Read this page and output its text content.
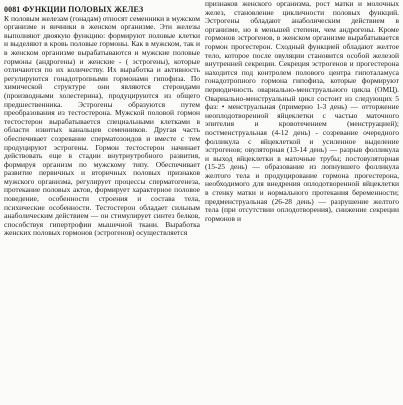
0081 ФУНКЦИИ ПОЛОВЫХ ЖЕЛЕЗ

К половым железам (гонадам) относят семенники в мужском организме и яичники в женском организме. Эти железы выполняют двоякую функцию: формируют половые клетки и выделяют в кровь половые гормоны. Как в мужском, так и в женском организме вырабатываются и мужские половые гормоны (андрогены) и женские - ( эстрогены), которые отличаются по их количеству. Их выработка и активность регулируются гонадотропными гормонами гипофиза. По химической структуре они являются стероидами (производными холестерина), продуцируются из общего предшественника. Эстрогены образуются путем преобразования из тестостерона. Мужской половой гормон тестостерон вырабатывается специальными клетками в области извитых канальцев семенников. Другая часть обеспечивает созревание сперматозоидов и вместе с тем продуцируют эстрогены. Гормон тестостерон начинает действовать еще в стадии внутриутробного развития, формируя организм по мужскому типу. Обеспечивает развитие первичных и вторичных половых признаков мужского организма, регулирует процессы сперматогенеза, протекание половых актов, формирует характерное половое поведение, особенности строения и состава тела, психические особенности. Тестостерон обладает сильным анаболическим действием — он стимулирует синтез белков, способствуя гипертрофии мышечной ткани. Выработка женских половых гормонов (эстрогенов) осуществляется

признаков женского организма, рост матки и молочных желез, становление цикличности половых функций. Эстрогены обладают анаболическим действием в организме, но в меньшей степени, чем андрогены. Кроме гормонов эстрогенов, в женском организме вырабатывается гормон прогестерон. Сходный функцией обладают желтое тело, которое после овуляции становится особой железой внутренней секреции. Секреция эстрогенов и прогестерона находится под контролем полового центра гипоталамуса гонадотропного гормона гипофиза, которые формируют периодичность овариально-менструального цикла (ОМЦ). Овариально-менструальный цикл состоит из следующих 5 фаз: • менструальная (примерно 1-3 день) — отторжение неоплодотворенной яйцеклетки с частью маточного эпителия и кровотечением (менструацией); постменструальная (4-12 день) - созревание очередного фолликула с яйцеклеткой и усиленное выделение эстрогенов; овуляторная (13-14 день) — разрыв фолликула и выход яйцеклетки в маточные трубы; постовуляторная (15-25 день) — образование из лопнувшего фолликула желтого тела и продуцирование гормона прогестерона, необходимого для внедрения оплодотворенной яйцеклетки в стенку матки и нормального протекания беременности; предменструальная (26-28 день) — разрушение желтого тела (при отсутствии оплодотворения), снижение секреции гормонов и
